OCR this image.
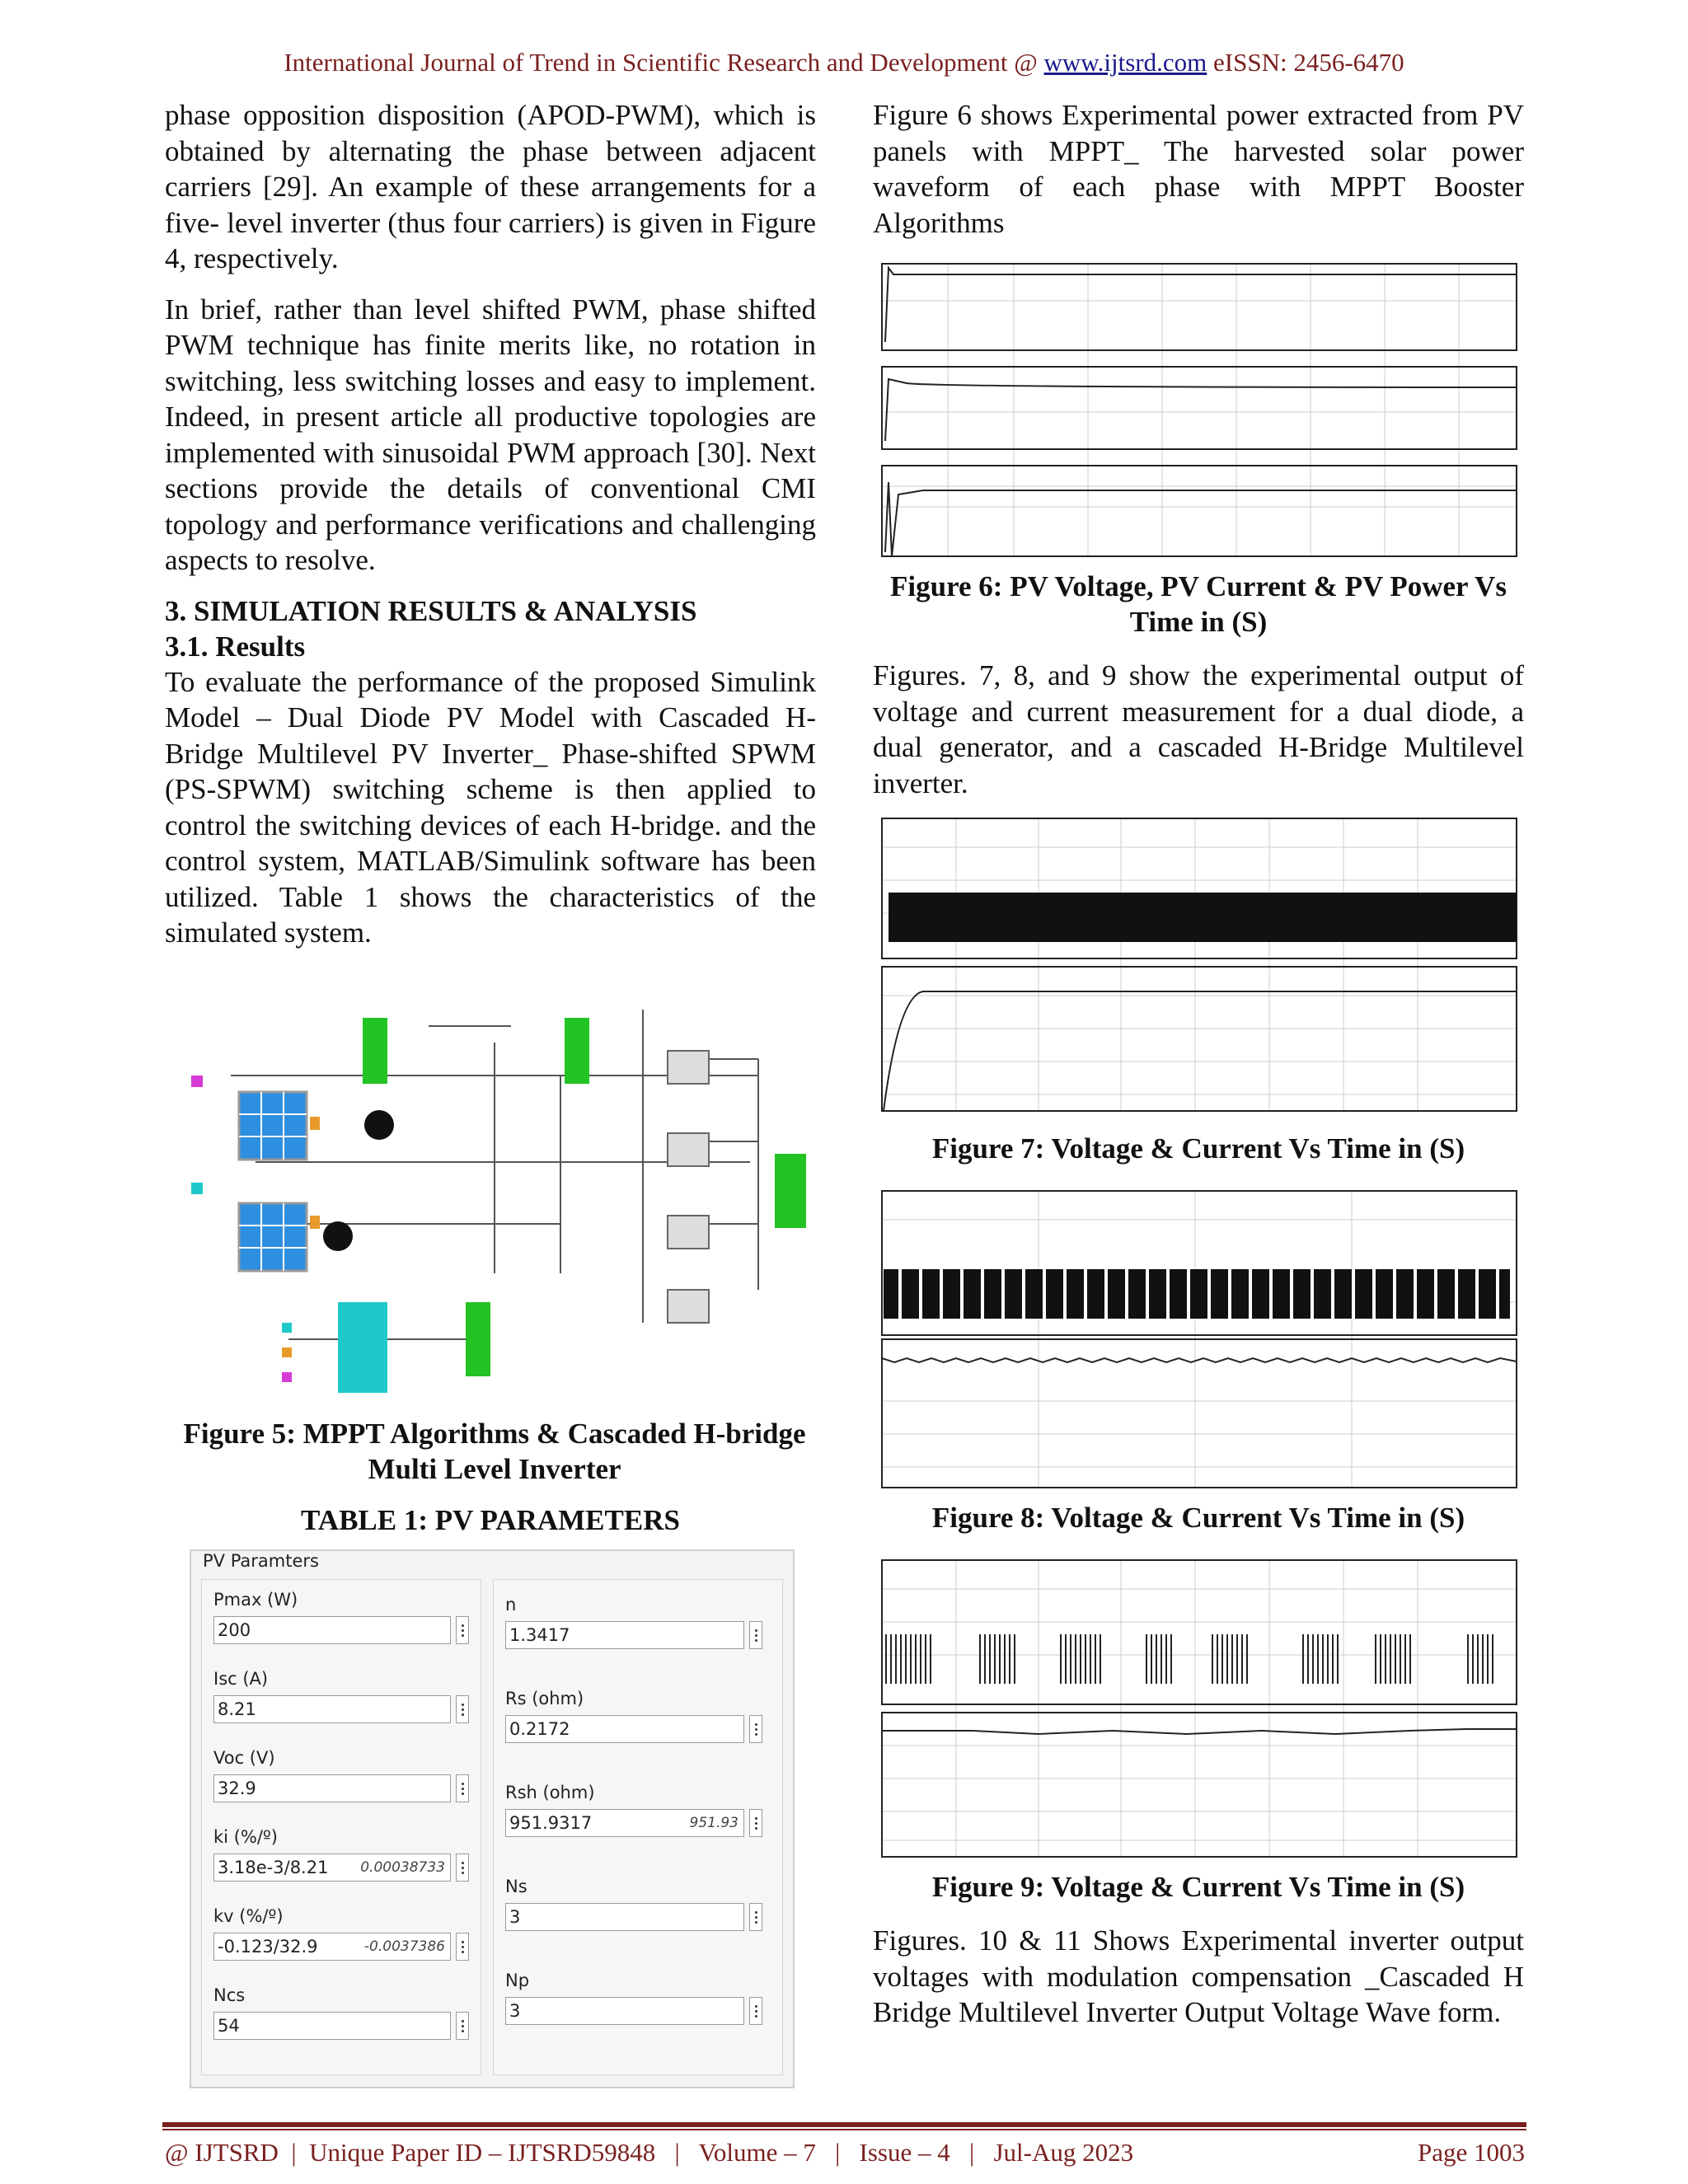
International Journal of Trend in Scientific Research and Development @ www.ijtsrd.com eISSN: 2456-6470

phase opposition disposition (APOD-PWM), which is obtained by alternating the phase between adjacent carriers [29]. An example of these arrangements for a five- level inverter (thus four carriers) is given in Figure 4, respectively.

In brief, rather than level shifted PWM, phase shifted PWM technique has finite merits like, no rotation in switching, less switching losses and easy to implement. Indeed, in present article all productive topologies are implemented with sinusoidal PWM approach [30]. Next sections provide the details of conventional CMI topology and performance verifications and challenging aspects to resolve.

3. SIMULATION RESULTS & ANALYSIS

3.1. Results

To evaluate the performance of the proposed Simulink Model – Dual Diode PV Model with Cascaded H-Bridge Multilevel PV Inverter_ Phase-shifted SPWM (PS-SPWM) switching scheme is then applied to control the switching devices of each H-bridge. and the control system, MATLAB/Simulink software has been utilized. Table 1 shows the characteristics of the simulated system.

Figure 5: MPPT Algorithms & Cascaded H-bridge Multi Level Inverter

TABLE 1: PV PARAMETERS

PV Paramters
Pmax (W)
200
Isc (A)
8.21
Voc (V)
32.9
ki (%/º)
3.18e-3/8.21 0.00038733
kv (%/º)
-0.123/32.9	-0.0037386
Ncs
54
n
1.3417
Rs (ohm)
0.2172
Rsh (ohm)
951.9317	951.93
Ns
3
Np
3

Figure 6 shows Experimental power extracted from PV panels with MPPT_ The harvested solar power waveform of each phase with MPPT Booster Algorithms

Figure 6: PV Voltage, PV Current & PV Power Vs Time in (S)

Figures. 7, 8, and 9 show the experimental output of voltage and current measurement for a dual diode, a dual generator, and a cascaded H-Bridge Multilevel inverter.

Figure 7: Voltage & Current Vs Time in (S)

Figure 8: Voltage & Current Vs Time in (S)

Figure 9: Voltage & Current Vs Time in (S)

Figures. 10 & 11 Shows Experimental inverter output voltages with modulation compensation _Cascaded H Bridge Multilevel Inverter Output Voltage Wave form.

@ IJTSRD  |  Unique Paper ID – IJTSRD59848   |   Volume – 7   |   Issue – 4   |   Jul-Aug 2023	Page 1003
